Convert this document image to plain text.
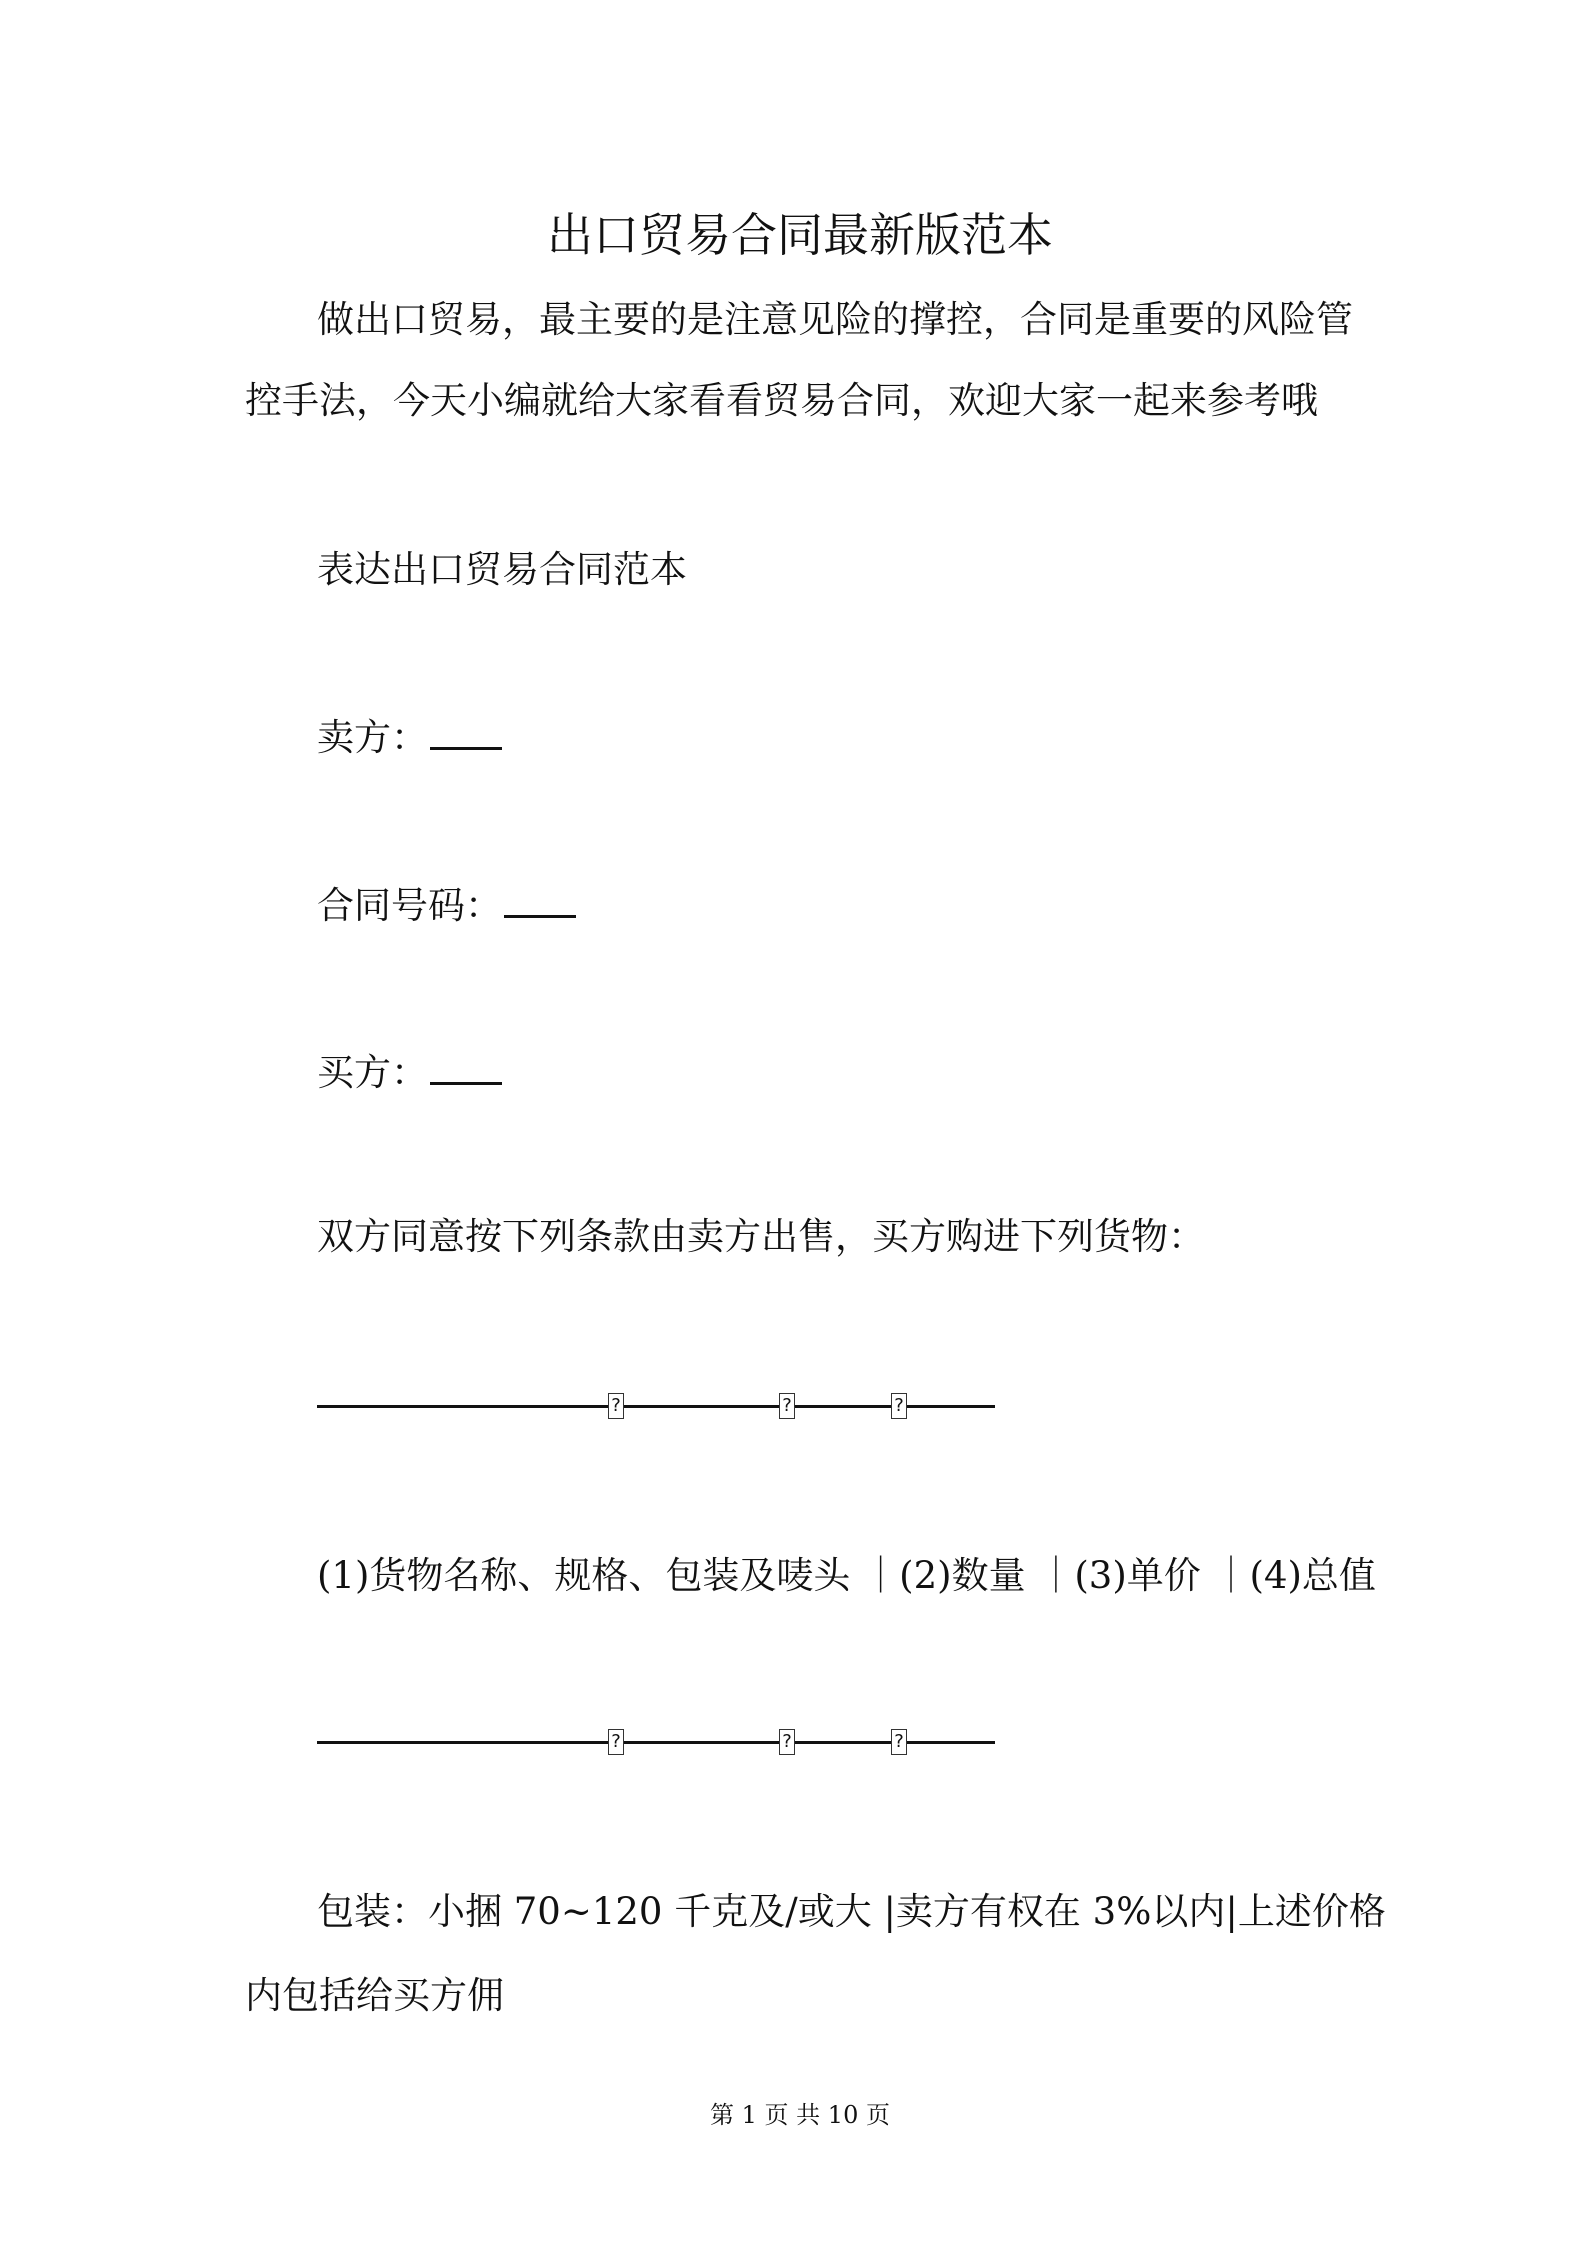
出口贸易合同最新版范本
做出口贸易，最主要的是注意见险的撑控，合同是重要的风险管
控手法，今天小编就给大家看看贸易合同，欢迎大家一起来参考哦
表达出口贸易合同范本
卖方：
合同号码：
买方：
双方同意按下列条款由卖方出售，买方购进下列货物：
?	?	?
(1)货物名称、规格、包装及唛头 ｜(2)数量 ｜(3)单价 ｜(4)总值
?	?	?
包装：小捆 70~120 千克及/或大 |卖方有权在 3%以内|上述价格
内包括给买方佣
第 1 页 共 10 页
